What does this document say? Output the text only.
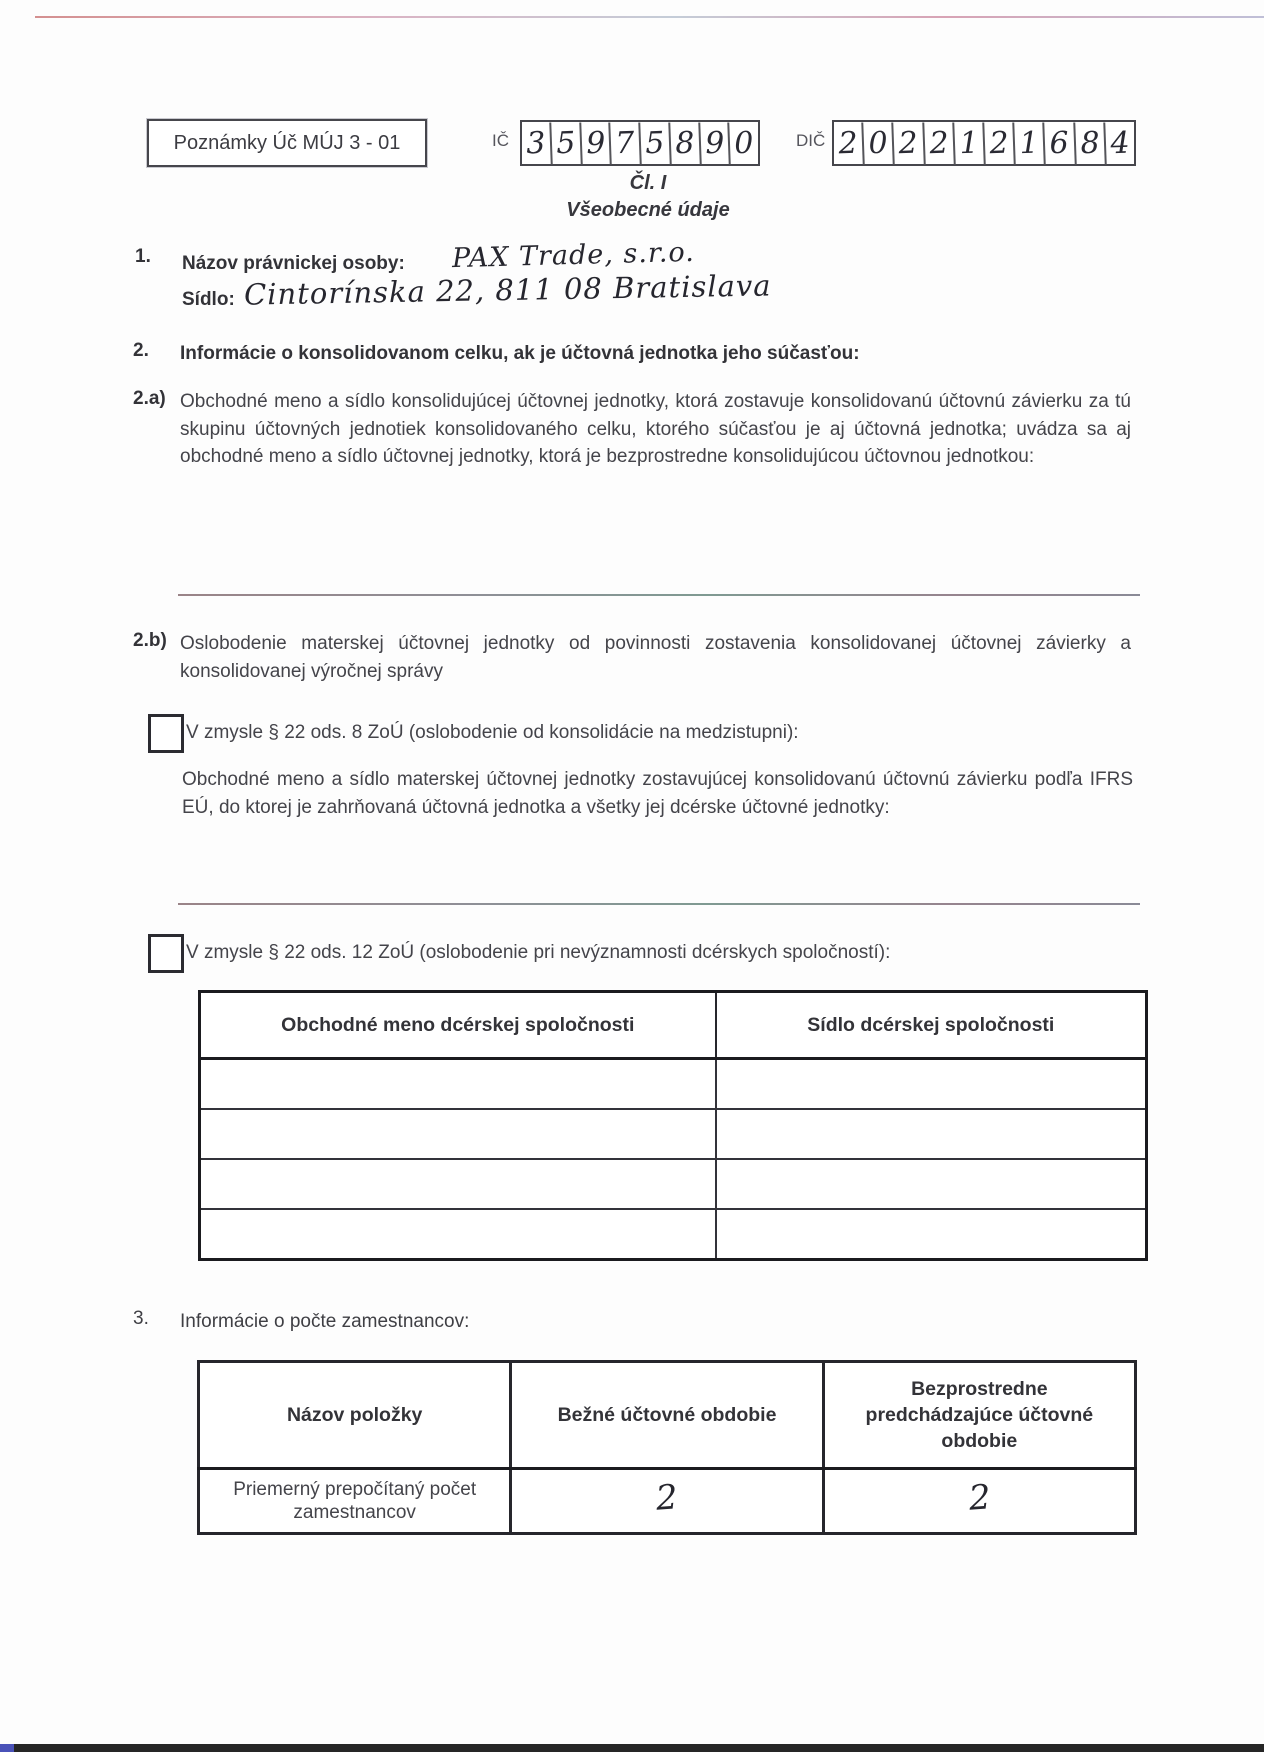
Poznámky Úč MÚJ 3 - 01	IČ 3 5 9 7 5 8 9 0 DIČ 2 0 2 2 1 2 1 6 8 4
Čl. I
Všeobecné údaje
1.	Názov právnickej osoby:
Sídlo:
PAX Trade, s.r.o.
Cintorínska 22, 811 08 Bratislava
2.	Informácie o konsolidovanom celku, ak je účtovná jednotka jeho súčasťou:
2.a) Obchodné meno a sídlo konsolidujúcej účtovnej jednotky, ktorá zostavuje konsolidovanú účtovnú závierku za tú skupinu účtovných jednotiek konsolidovaného celku, ktorého súčasťou je aj účtovná jednotka; uvádza sa aj obchodné meno a sídlo účtovnej jednotky, ktorá je bezprostredne konsolidujúcou účtovnou jednotkou:
2.b) Oslobodenie materskej účtovnej jednotky od povinnosti zostavenia konsolidovanej účtovnej závierky a konsolidovanej výročnej správy
V zmysle § 22 ods. 8 ZoÚ (oslobodenie od konsolidácie na medzistupni):
Obchodné meno a sídlo materskej účtovnej jednotky zostavujúcej konsolidovanú účtovnú závierku podľa IFRS EÚ, do ktorej je zahrňovaná účtovná jednotka a všetky jej dcérske účtovné jednotky:
V zmysle § 22 ods. 12 ZoÚ (oslobodenie pri nevýznamnosti dcérskych spoločností):
Obchodné meno dcérskej spoločnosti	Sídlo dcérskej spoločnosti

3.	Informácie o počte zamestnancov:
Názov položky	Bežné účtovné obdobie	Bezprostredne predchádzajúce účtovné obdobie
Priemerný prepočítaný počet zamestnancov	2	2
